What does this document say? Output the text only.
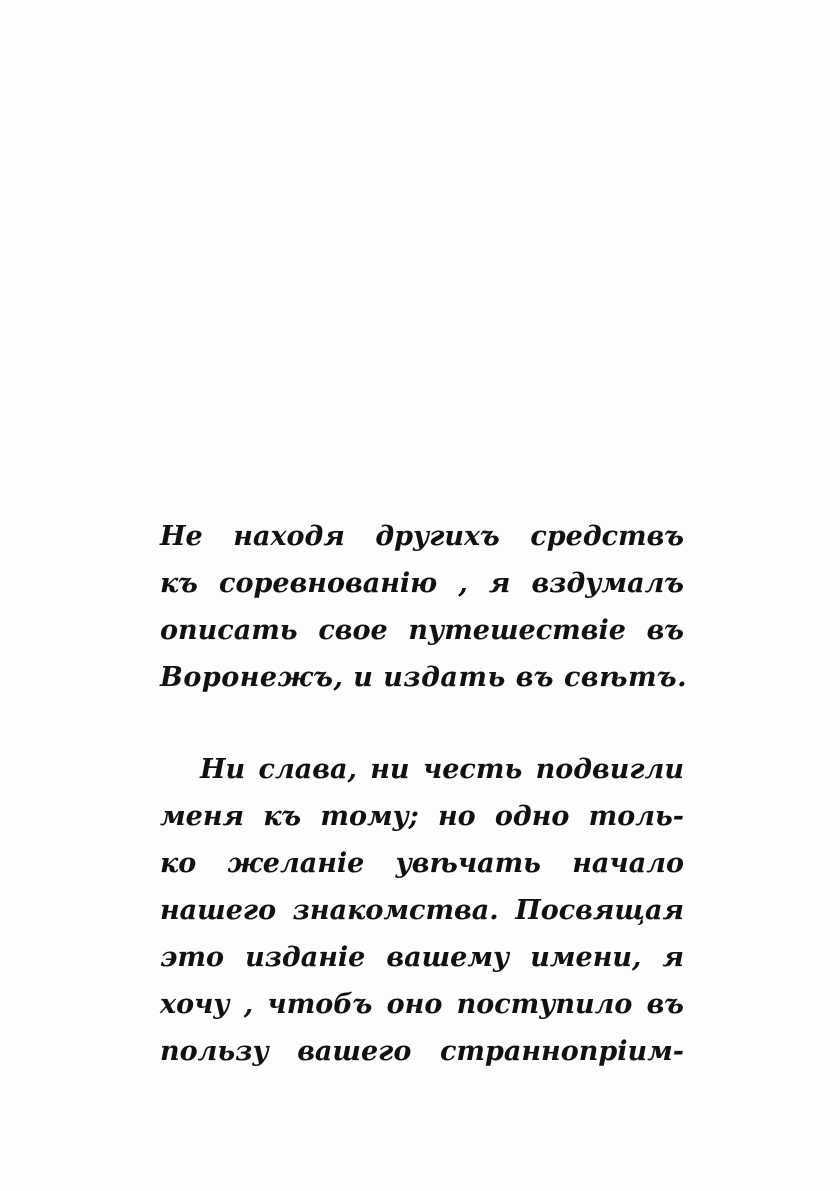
Не находя другихъ средствъ
къ соревнованію , я вздумалъ
описать свое путешествіе въ
Воронежъ, и издать въ свѣтъ.
Ни слава, ни честь подвигли
меня къ тому; но одно толь-
ко желаніе увѣчать начало
нашего знакомства. Посвящая
это изданіе вашему имени, я
хочу , чтобъ оно поступило въ
пользу вашего страннопріим-
